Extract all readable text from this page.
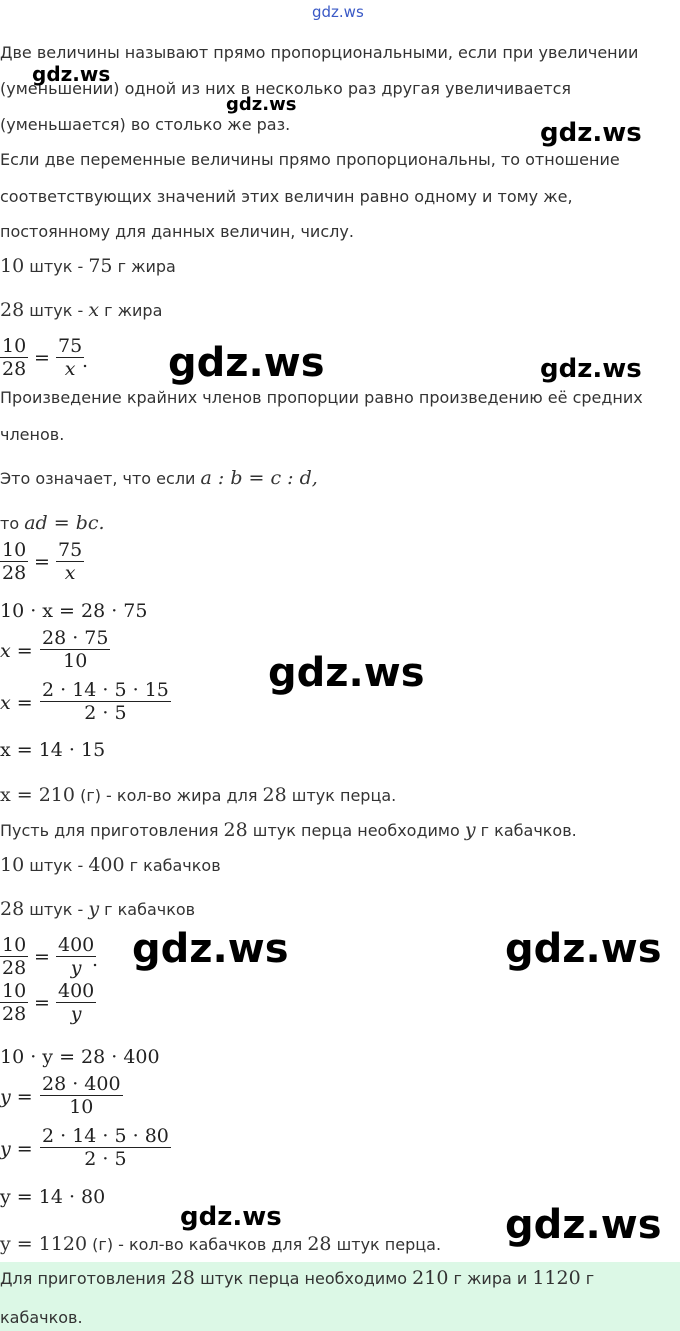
gdz.ws
Две величины называют прямо пропорциональными, если при увеличении
(уменьшении) одной из них в несколько раз другая увеличивается
(уменьшается) во столько же раз.
Если две переменные величины прямо пропорциональны, то отношение
соответствующих значений этих величин равно одному и тому же,
постоянному для данных величин, числу.
10 штук - 75 г жира
28 штук - x г жира
$\frac{10}{28} = \frac{75}{x}$
.
Произведение крайних членов пропорции равно произведению её средних
членов.
Это означает, что если a : b = c : d,
то ad = bc.
$\frac{10}{28} = \frac{75}{x}$
10 · x = 28 · 75
$x = \frac{28 \cdot 75}{10}$
$x = \frac{2 \cdot 14 \cdot 5 \cdot 15}{2 \cdot 5}$
x = 14 · 15
x = 210 (г) - кол-во жира для 28 штук перца.
Пусть для приготовления 28 штук перца необходимо y г кабачков.
10 штук - 400 г кабачков
28 штук - y г кабачков
$\frac{10}{28} = \frac{400}{y}$
.
$\frac{10}{28} = \frac{400}{y}$
10 · y = 28 · 400
$y = \frac{28 \cdot 400}{10}$
$y = \frac{2 \cdot 14 \cdot 5 \cdot 80}{2 \cdot 5}$
y = 14 · 80
y = 1120 (г) - кол-во кабачков для 28 штук перца.
Для приготовления 28 штук перца необходимо 210 г жира и 1120 г
кабачков.
gdz.ws
gdz.ws
gdz.ws
gdz.ws	gdz.ws
gdz.ws
gdz.ws	gdz.ws
gdz.ws	gdz.ws
